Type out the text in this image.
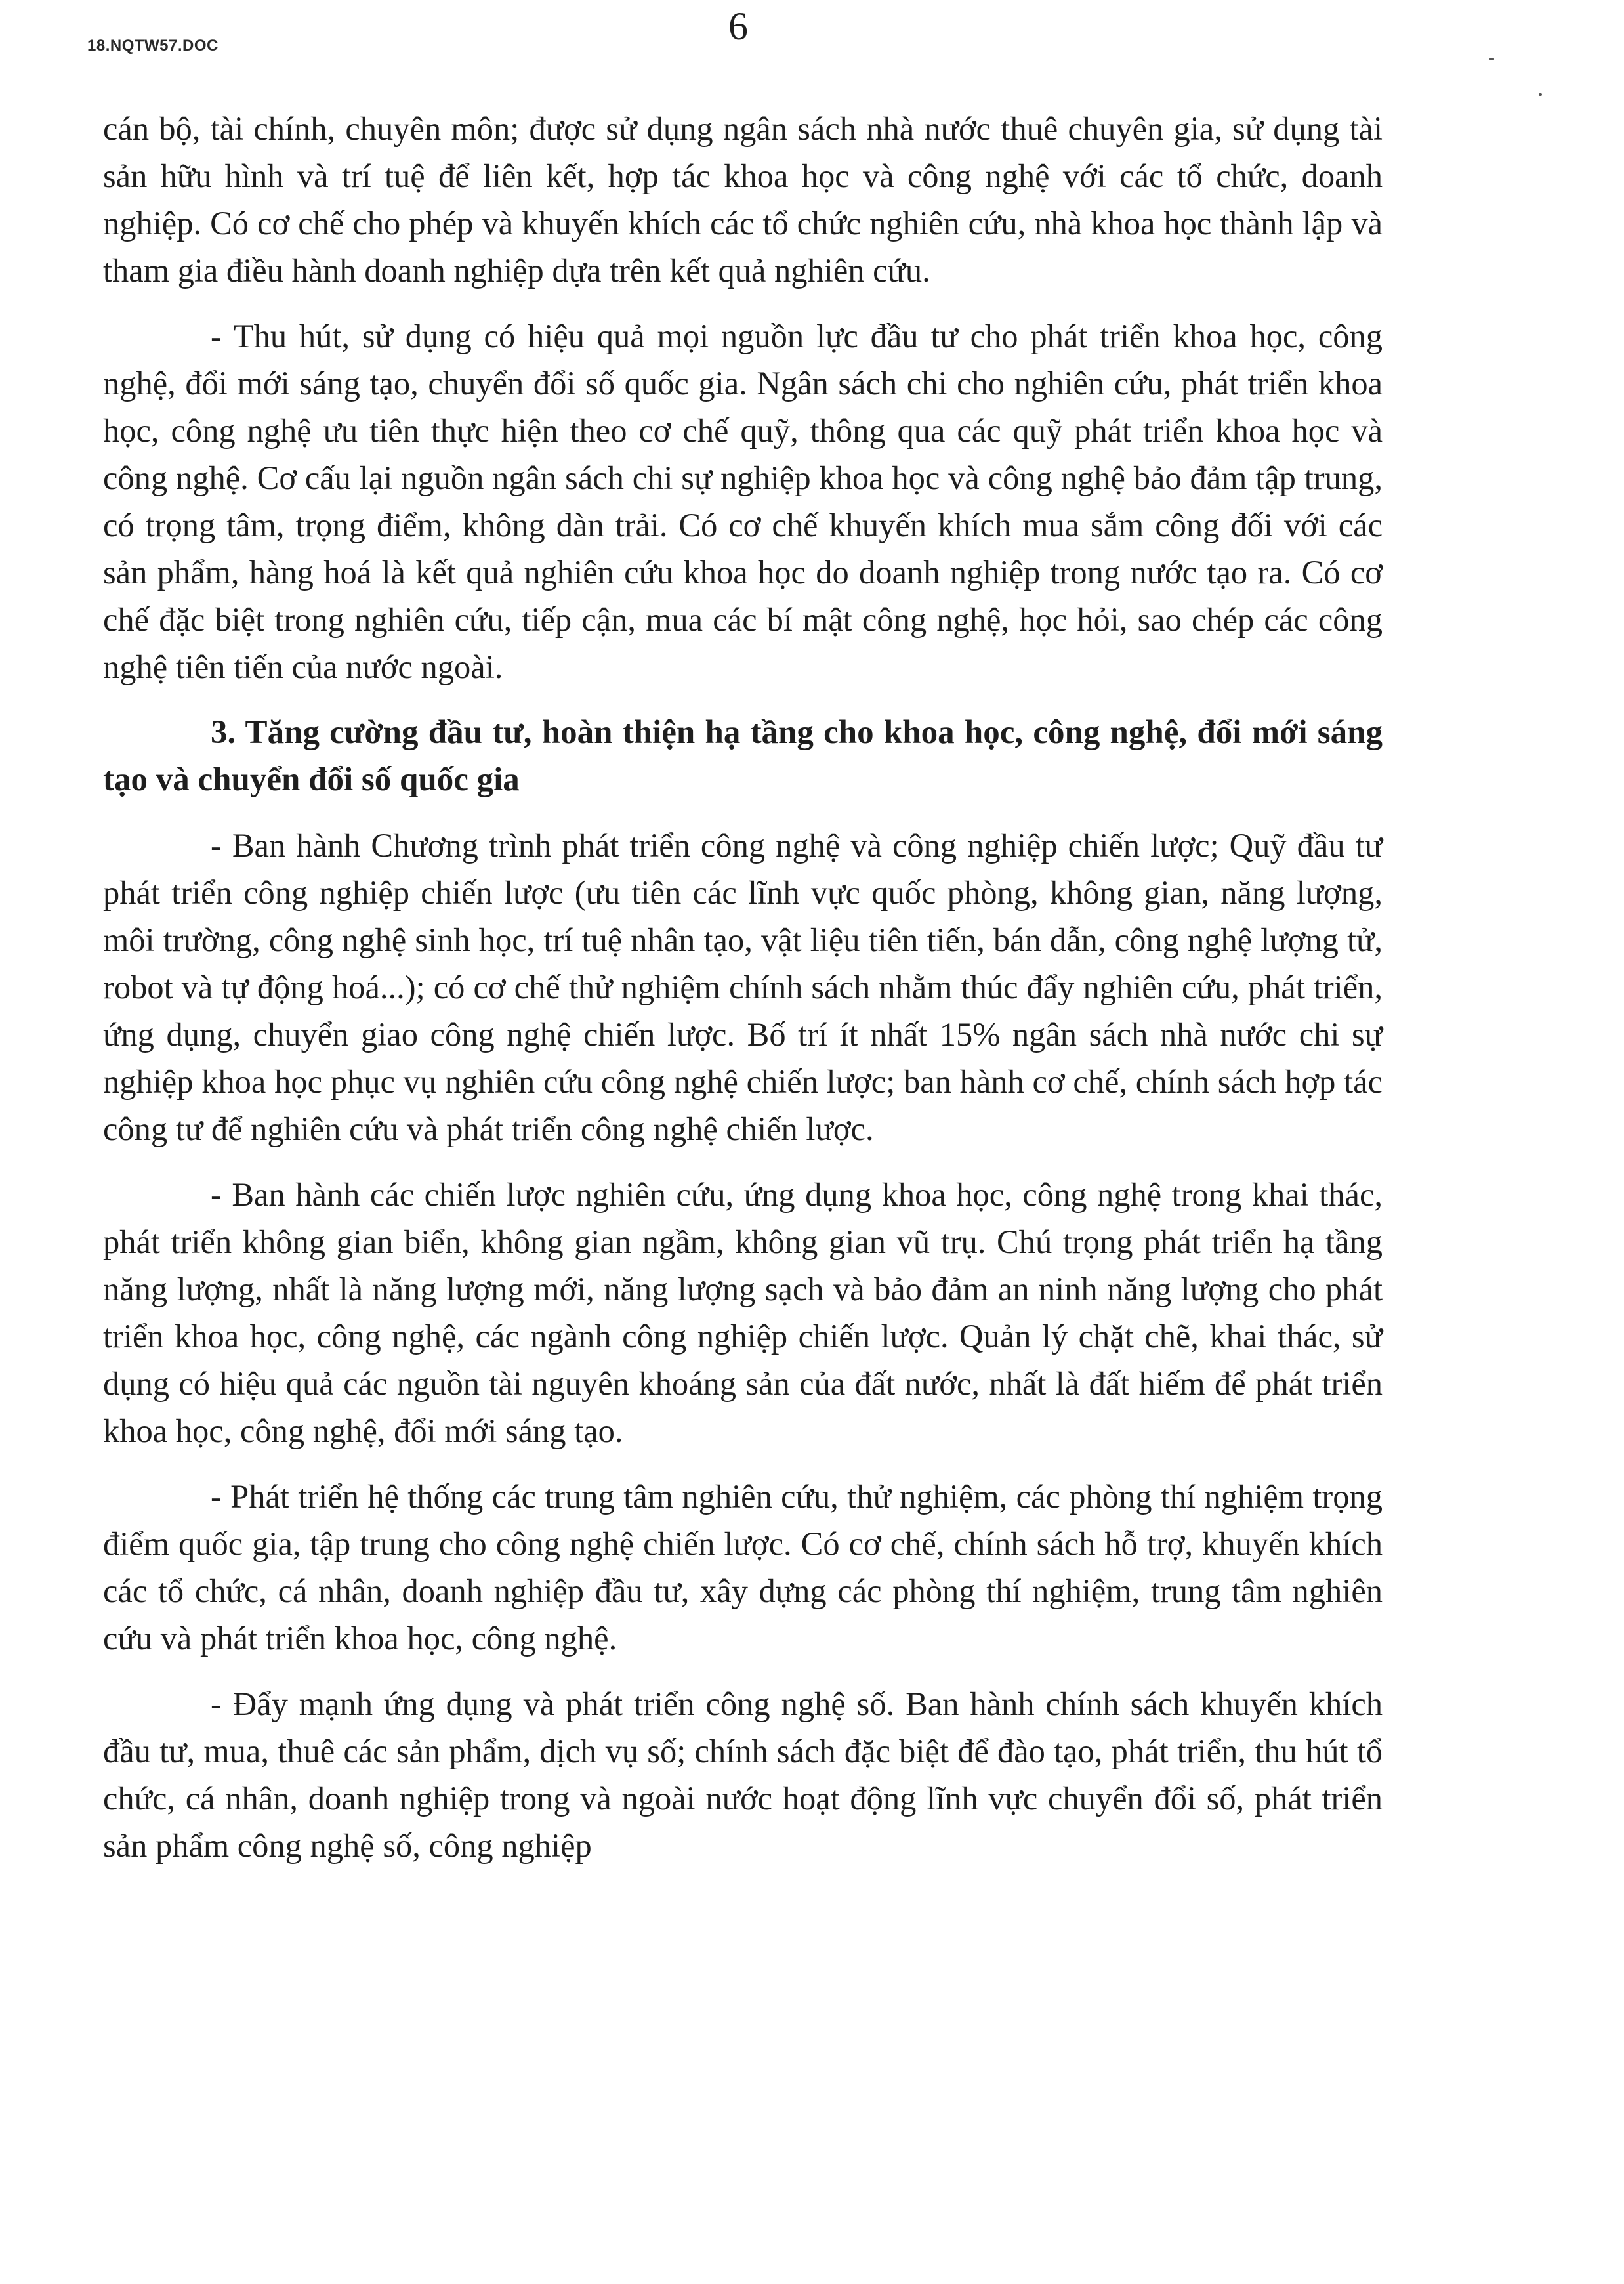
18.NQTW57.DOC	6

cán bộ, tài chính, chuyên môn; được sử dụng ngân sách nhà nước thuê chuyên gia, sử dụng tài sản hữu hình và trí tuệ để liên kết, hợp tác khoa học và công nghệ với các tổ chức, doanh nghiệp. Có cơ chế cho phép và khuyến khích các tổ chức nghiên cứu, nhà khoa học thành lập và tham gia điều hành doanh nghiệp dựa trên kết quả nghiên cứu.

- Thu hút, sử dụng có hiệu quả mọi nguồn lực đầu tư cho phát triển khoa học, công nghệ, đổi mới sáng tạo, chuyển đổi số quốc gia. Ngân sách chi cho nghiên cứu, phát triển khoa học, công nghệ ưu tiên thực hiện theo cơ chế quỹ, thông qua các quỹ phát triển khoa học và công nghệ. Cơ cấu lại nguồn ngân sách chi sự nghiệp khoa học và công nghệ bảo đảm tập trung, có trọng tâm, trọng điểm, không dàn trải. Có cơ chế khuyến khích mua sắm công đối với các sản phẩm, hàng hoá là kết quả nghiên cứu khoa học do doanh nghiệp trong nước tạo ra. Có cơ chế đặc biệt trong nghiên cứu, tiếp cận, mua các bí mật công nghệ, học hỏi, sao chép các công nghệ tiên tiến của nước ngoài.

3. Tăng cường đầu tư, hoàn thiện hạ tầng cho khoa học, công nghệ, đổi mới sáng tạo và chuyển đổi số quốc gia

- Ban hành Chương trình phát triển công nghệ và công nghiệp chiến lược; Quỹ đầu tư phát triển công nghiệp chiến lược (ưu tiên các lĩnh vực quốc phòng, không gian, năng lượng, môi trường, công nghệ sinh học, trí tuệ nhân tạo, vật liệu tiên tiến, bán dẫn, công nghệ lượng tử, robot và tự động hoá...); có cơ chế thử nghiệm chính sách nhằm thúc đẩy nghiên cứu, phát triển, ứng dụng, chuyển giao công nghệ chiến lược. Bố trí ít nhất 15% ngân sách nhà nước chi sự nghiệp khoa học phục vụ nghiên cứu công nghệ chiến lược; ban hành cơ chế, chính sách hợp tác công tư để nghiên cứu và phát triển công nghệ chiến lược.

- Ban hành các chiến lược nghiên cứu, ứng dụng khoa học, công nghệ trong khai thác, phát triển không gian biển, không gian ngầm, không gian vũ trụ. Chú trọng phát triển hạ tầng năng lượng, nhất là năng lượng mới, năng lượng sạch và bảo đảm an ninh năng lượng cho phát triển khoa học, công nghệ, các ngành công nghiệp chiến lược. Quản lý chặt chẽ, khai thác, sử dụng có hiệu quả các nguồn tài nguyên khoáng sản của đất nước, nhất là đất hiếm để phát triển khoa học, công nghệ, đổi mới sáng tạo.

- Phát triển hệ thống các trung tâm nghiên cứu, thử nghiệm, các phòng thí nghiệm trọng điểm quốc gia, tập trung cho công nghệ chiến lược. Có cơ chế, chính sách hỗ trợ, khuyến khích các tổ chức, cá nhân, doanh nghiệp đầu tư, xây dựng các phòng thí nghiệm, trung tâm nghiên cứu và phát triển khoa học, công nghệ.

- Đẩy mạnh ứng dụng và phát triển công nghệ số. Ban hành chính sách khuyến khích đầu tư, mua, thuê các sản phẩm, dịch vụ số; chính sách đặc biệt để đào tạo, phát triển, thu hút tổ chức, cá nhân, doanh nghiệp trong và ngoài nước hoạt động lĩnh vực chuyển đổi số, phát triển sản phẩm công nghệ số, công nghiệp
